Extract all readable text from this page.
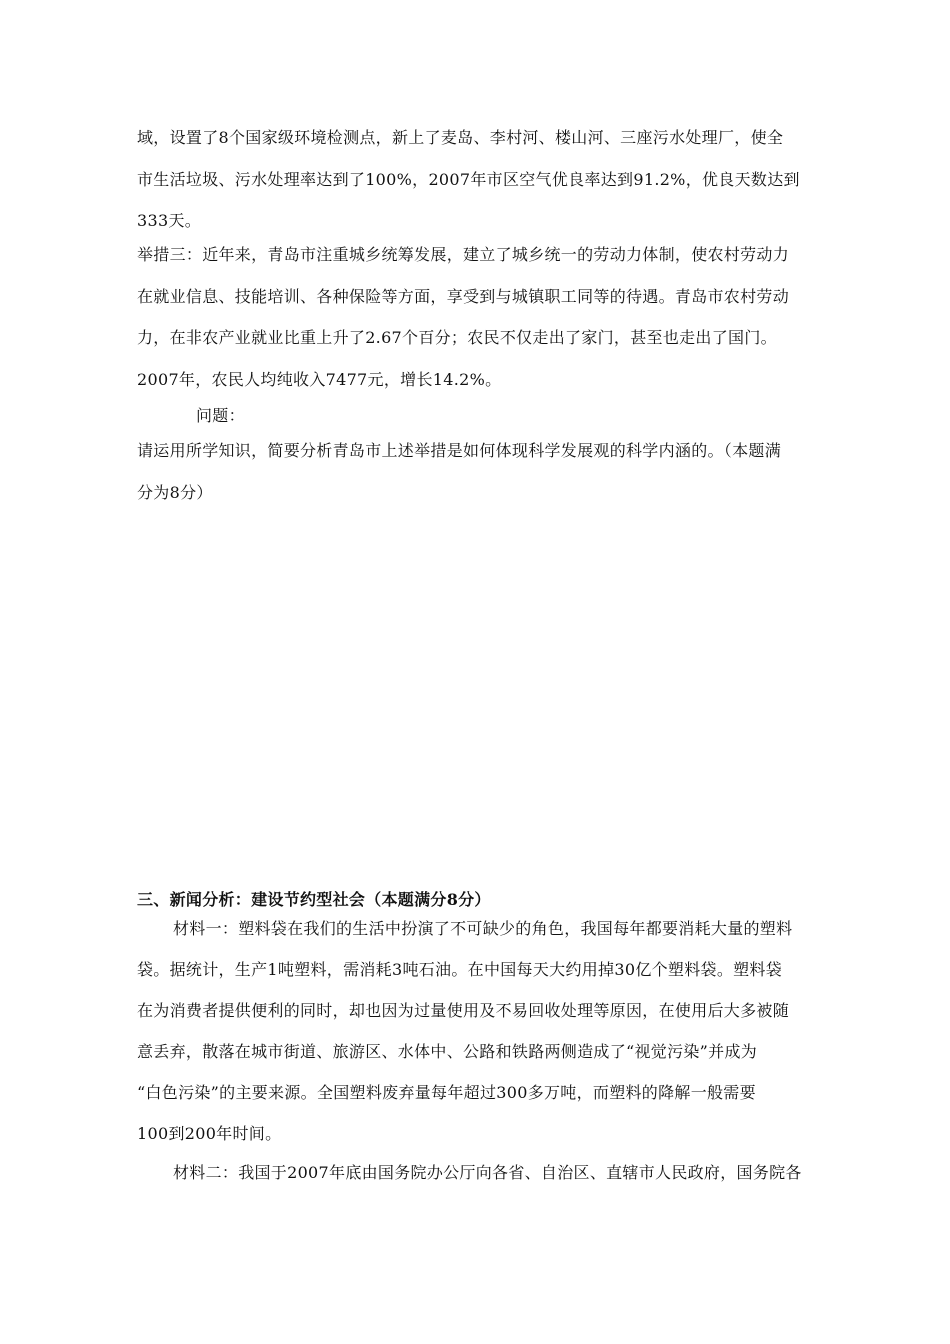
域，设置了8个国家级环境检测点，新上了麦岛、李村河、楼山河、三座污水处理厂，使全
市生活垃圾、污水处理率达到了100%，2007年市区空气优良率达到91.2%，优良天数达到
333天。
举措三：近年来，青岛市注重城乡统筹发展，建立了城乡统一的劳动力体制，使农村劳动力
在就业信息、技能培训、各种保险等方面，享受到与城镇职工同等的待遇。青岛市农村劳动
力，在非农产业就业比重上升了2.67个百分；农民不仅走出了家门，甚至也走出了国门。
2007年，农民人均纯收入7477元，增长14.2%。
问题：
请运用所学知识，简要分析青岛市上述举措是如何体现科学发展观的科学内涵的。（本题满
分为8分）
三、新闻分析：建设节约型社会（本题满分8分）
材料一：塑料袋在我们的生活中扮演了不可缺少的角色，我国每年都要消耗大量的塑料
袋。据统计，生产1吨塑料，需消耗3吨石油。在中国每天大约用掉30亿个塑料袋。塑料袋
在为消费者提供便利的同时，却也因为过量使用及不易回收处理等原因，在使用后大多被随
意丢弃，散落在城市街道、旅游区、水体中、公路和铁路两侧造成了“视觉污染”并成为
“白色污染”的主要来源。全国塑料废弃量每年超过300多万吨，而塑料的降解一般需要
100到200年时间。
材料二：我国于2007年底由国务院办公厅向各省、自治区、直辖市人民政府，国务院各
